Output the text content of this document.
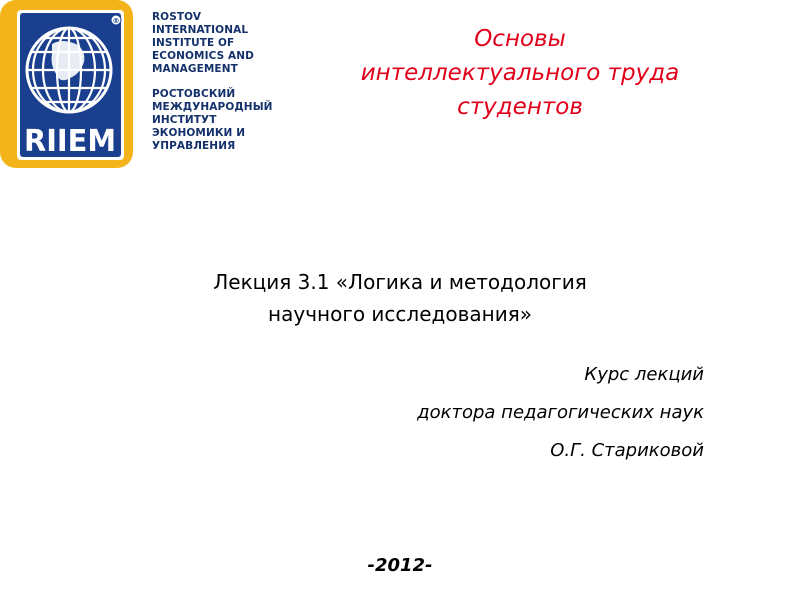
®
RIIEM
ROSTOV
INTERNATIONAL
INSTITUTE OF
ECONOMICS AND
MANAGEMENT
РОСТОВСКИЙ
МЕЖДУНАРОДНЫЙ
ИНСТИТУТ
ЭКОНОМИКИ И
УПРАВЛЕНИЯ
Основы
интеллектуального труда
студентов
Лекция 3.1 «Логика и методология
научного исследования»
Курс лекций
доктора педагогических наук
О.Г. Стариковой
-2012-
